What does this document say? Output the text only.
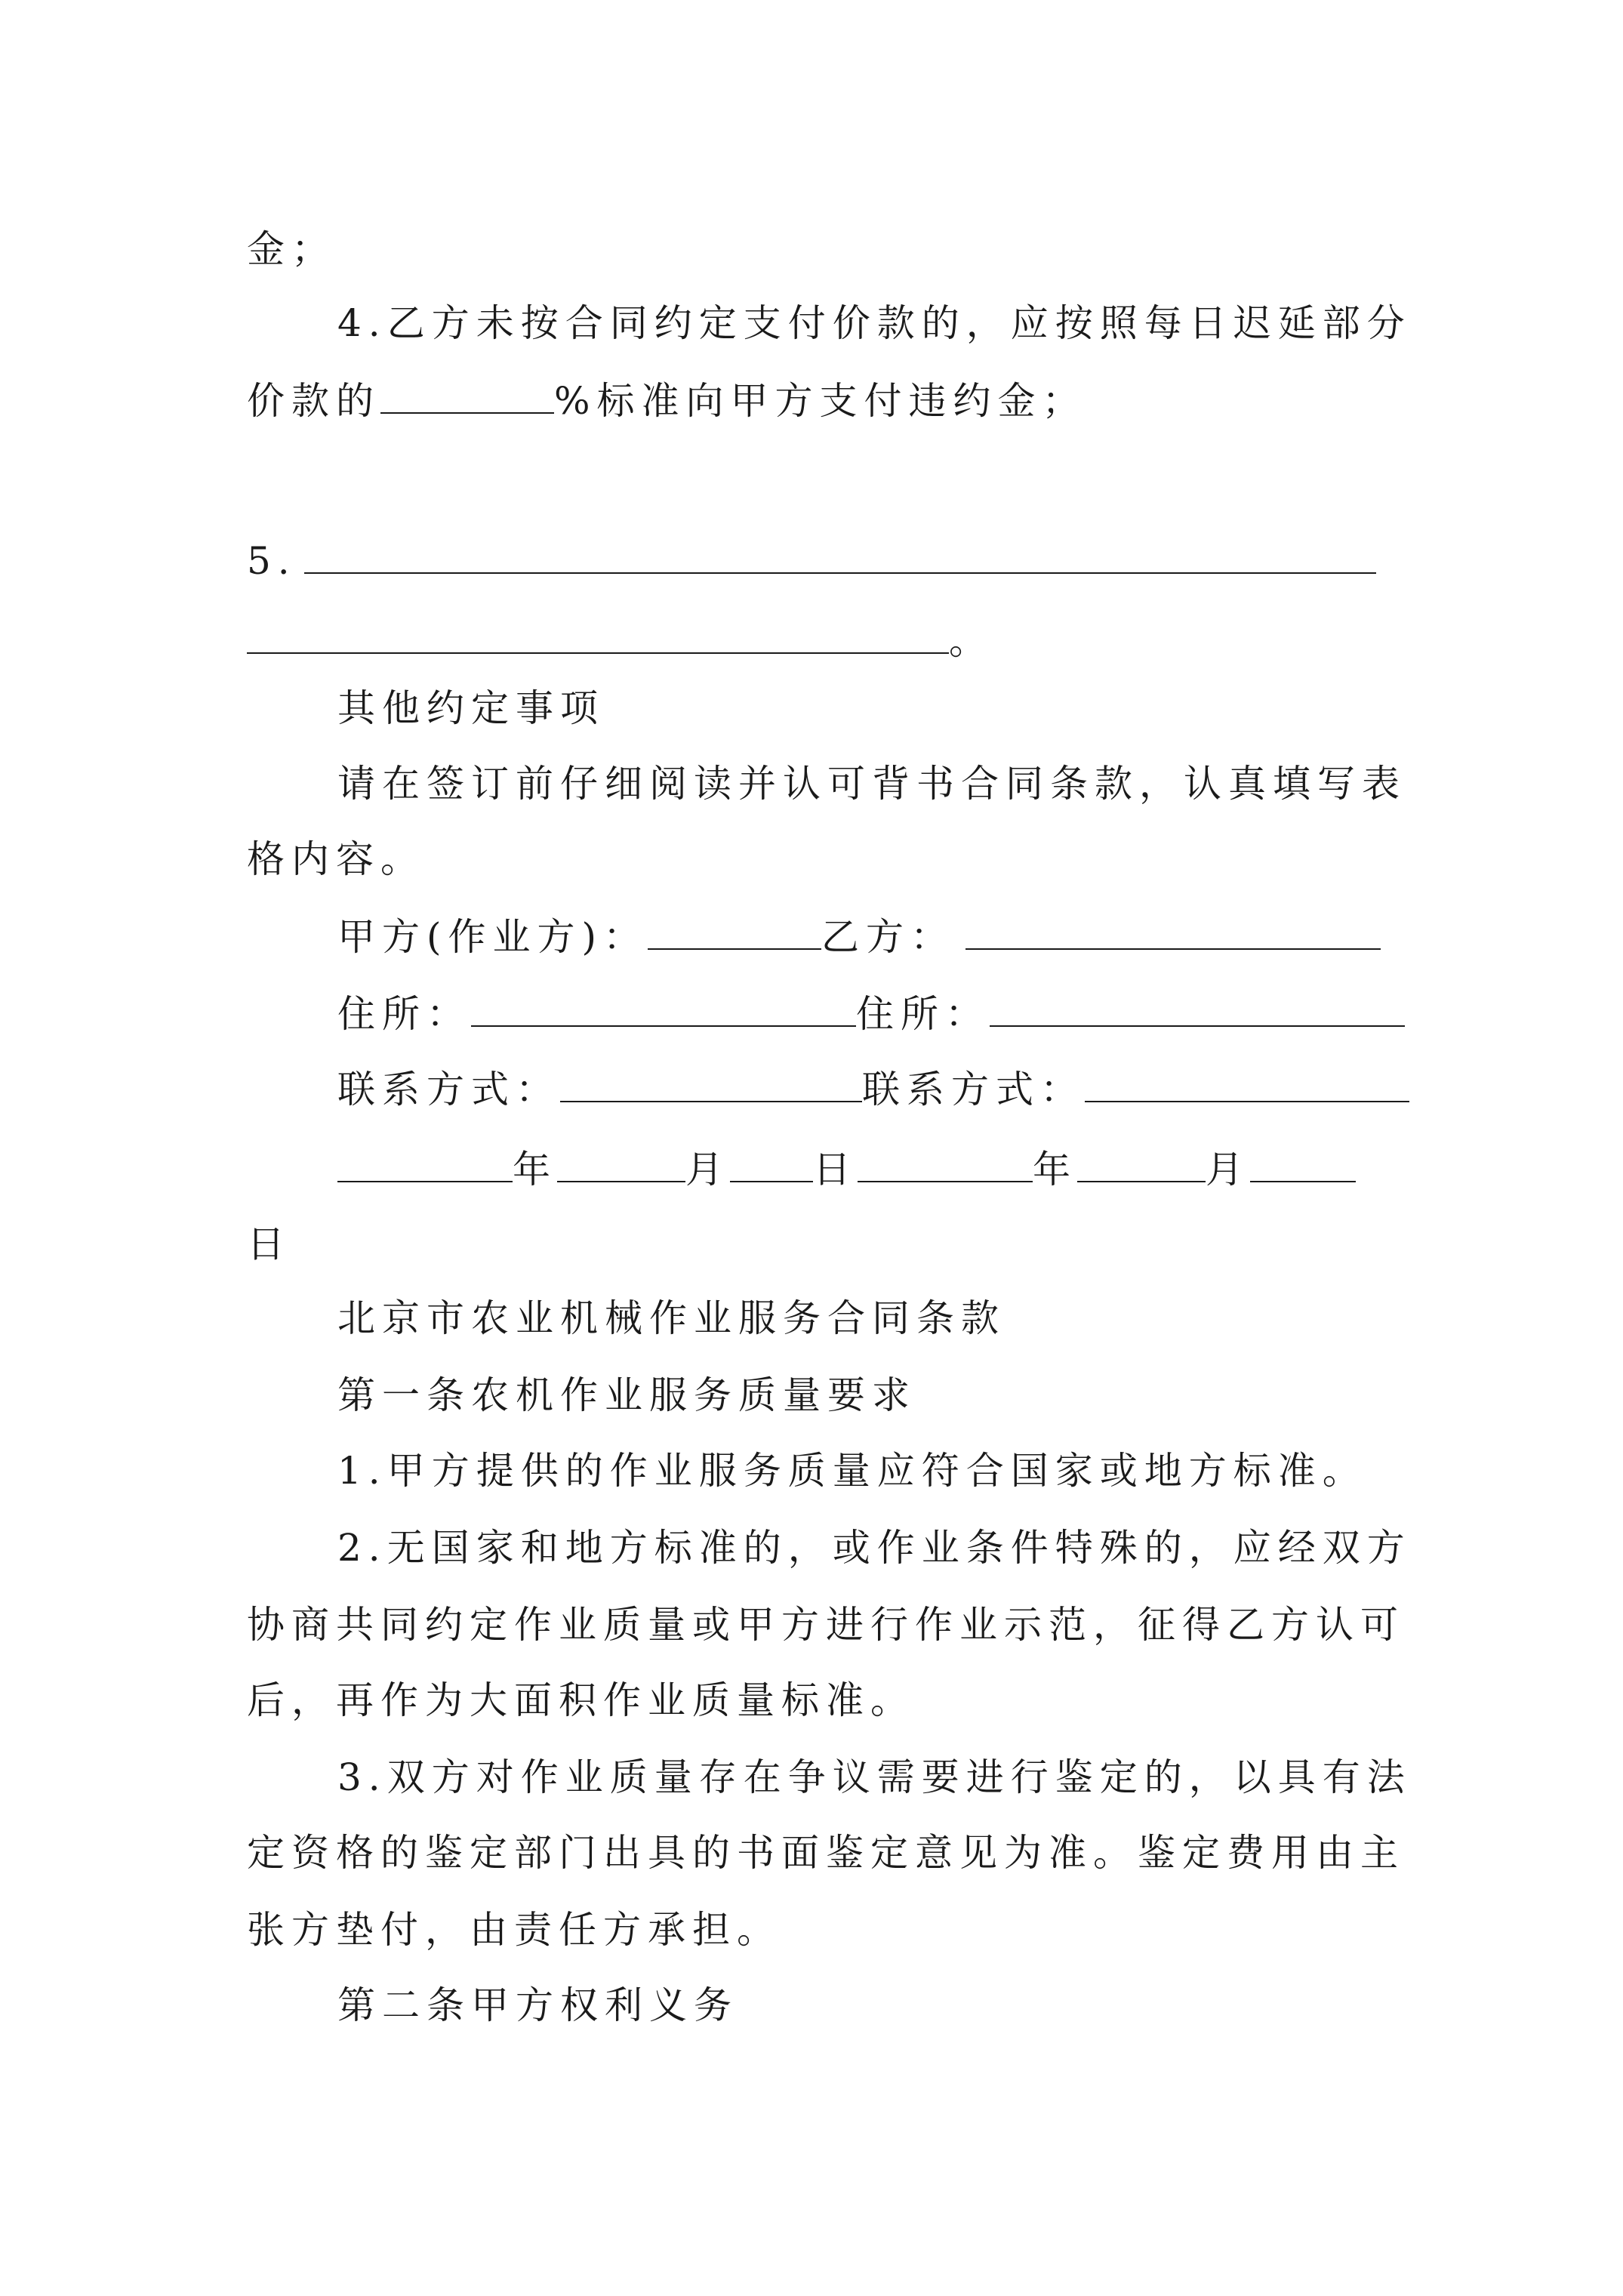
金；
4.乙方未按合同约定支付价款的，应按照每日迟延部分
价款的	%标准向甲方支付违约金；
5.
。
其他约定事项
请在签订前仔细阅读并认可背书合同条款，认真填写表
格内容。
甲方(作业方)：	乙方：
住所：	住所：
联系方式：	联系方式：
年	月 日	年	月
日
北京市农业机械作业服务合同条款
第一条农机作业服务质量要求
1.甲方提供的作业服务质量应符合国家或地方标准。
2.无国家和地方标准的，或作业条件特殊的，应经双方
协商共同约定作业质量或甲方进行作业示范，征得乙方认可
后，再作为大面积作业质量标准。
3.双方对作业质量存在争议需要进行鉴定的，以具有法
定资格的鉴定部门出具的书面鉴定意见为准。鉴定费用由主
张方垫付，由责任方承担。
第二条甲方权利义务
